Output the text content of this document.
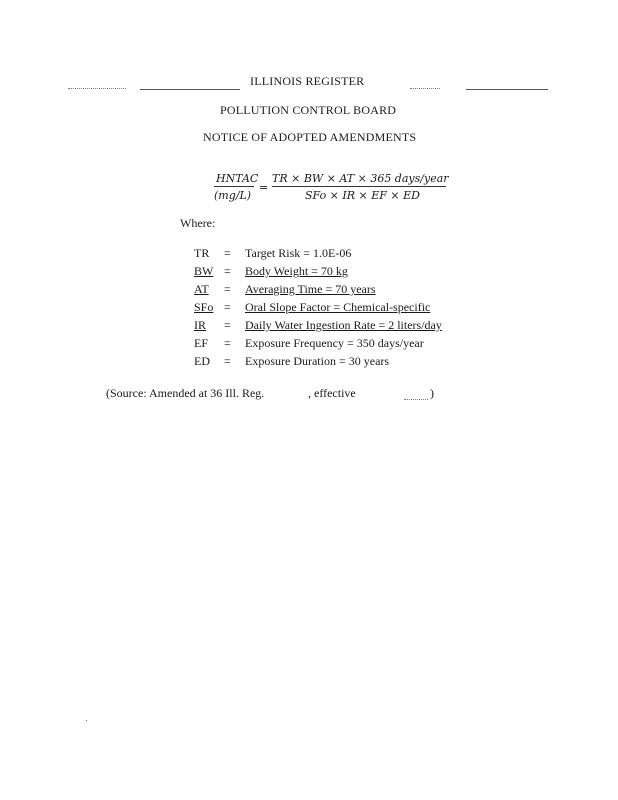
ILLINOIS REGISTER
POLLUTION CONTROL BOARD
NOTICE OF ADOPTED AMENDMENTS
HNTAC
(mg/L)
=
TR × BW × AT × 365 days/year
SFo × IR × EF × ED
Where:
TR = Target Risk = 1.0E-06
BW = Body Weight = 70 kg
AT = Averaging Time = 70 years
SFo = Oral Slope Factor = Chemical-specific
IR = Daily Water Ingestion Rate = 2 liters/day
EF = Exposure Frequency = 350 days/year
ED = Exposure Duration = 30 years
(Source: Amended at 36 Ill. Reg.	, effective	)
